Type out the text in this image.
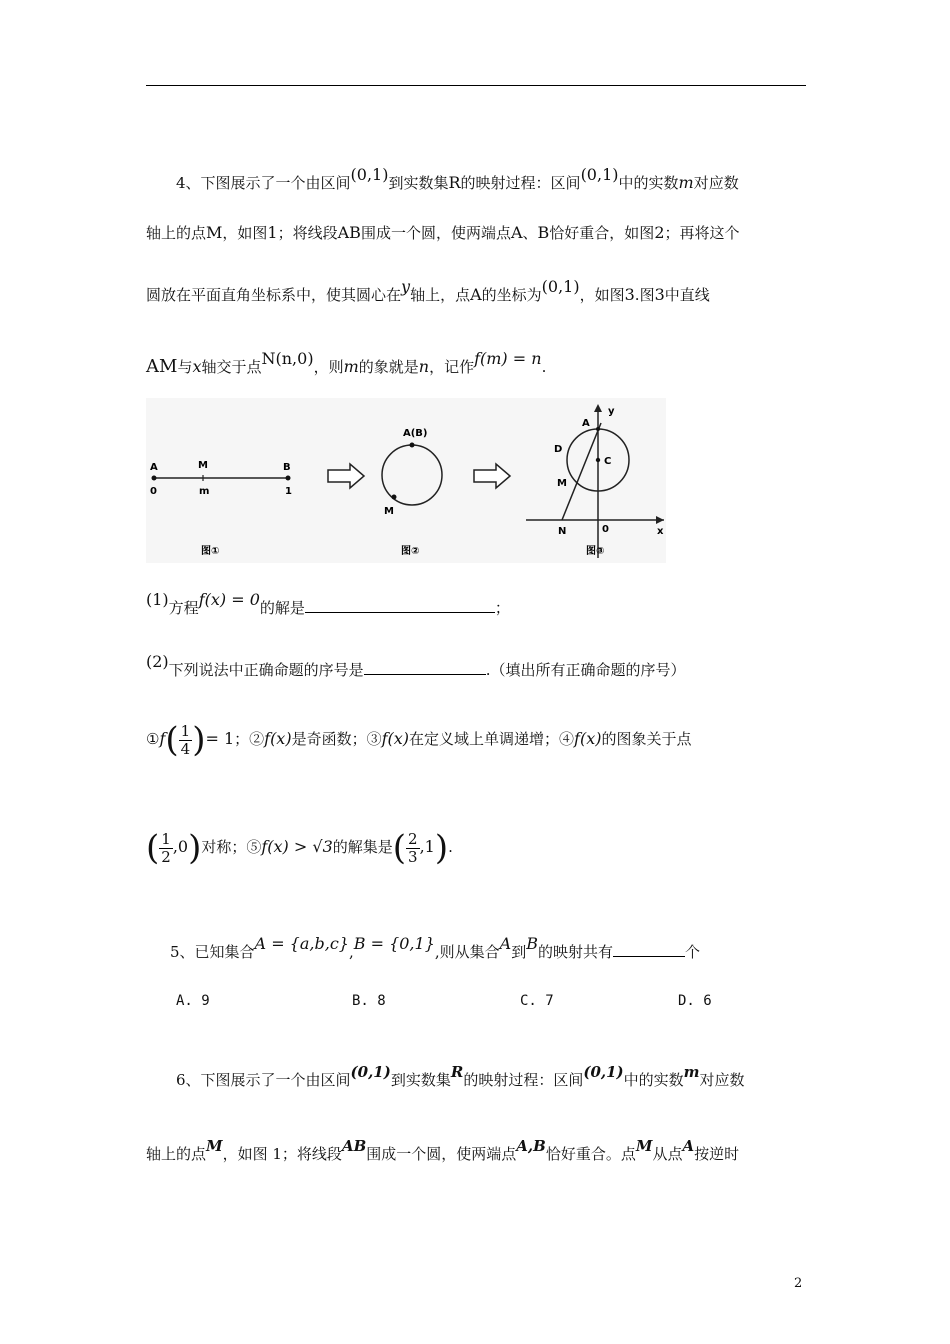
4、下图展示了一个由区间(0,1)到实数集R的映射过程：区间(0,1)中的实数m对应数
轴上的点M，如图1；将线段AB围成一个圆，使两端点A、B恰好重合，如图2；再将这个
圆放在平面直角坐标系中，使其圆心在y轴上，点A的坐标为(0,1)，如图3.图3中直线
AM与x轴交于点N(n,0)，则m的象就是n，记作f(m) = n.
A	M	B
0	m	1
图①
A(B)
M
图②
y
A
D
C
M
N	0	x
图③
(1)方程f(x) = 0的解是	；
(2)下列说法中正确命题的序号是	.（填出所有正确命题的序号）
①f( $\frac{1}{4}$ )= 1；②f(x)是奇函数；③f(x)在定义域上单调递增；④f(x)的图象关于点
( $\frac{1}{2} ,0$)对称；⑤f(x) > √3的解集是( $\frac{2}{3} ,1$).
5、已知集合A = {a,b,c},B = {0,1},则从集合A到B的映射共有	个
A. 9	B. 8	C. 7	D. 6
6、下图展示了一个由区间(0,1)到实数集R的映射过程：区间(0,1)中的实数m对应数
轴上的点M，如图 1；将线段AB围成一个圆，使两端点A,B恰好重合。点M从点A按逆时
2
